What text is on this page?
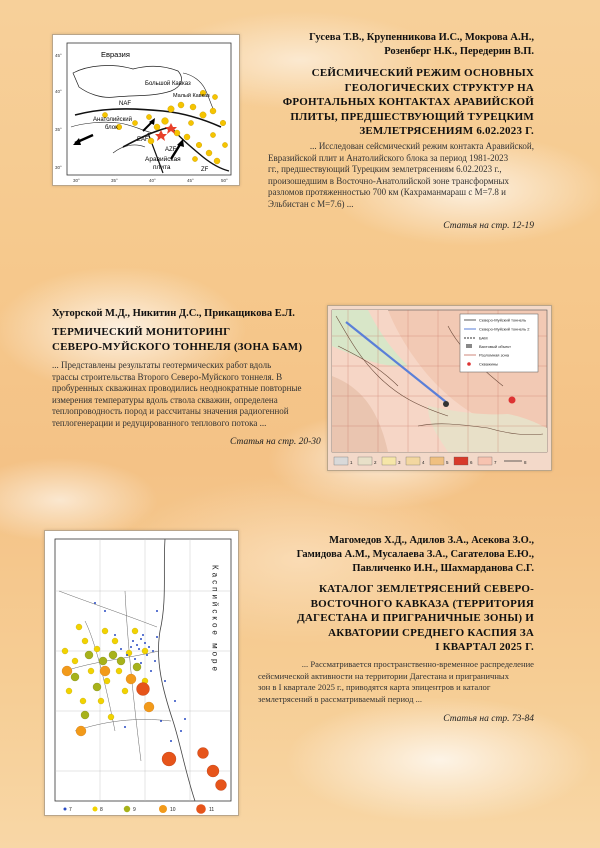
Евразия
Большой Кавказ
Малый Кавказ
NAF
Анатолийский
блок
EAF
AZF
Аравийская
плита	ZF
45°
40°
35°
30°
30°	35°	40°	45°	50°
Гусева Т.В., Крупенникова И.С., Мокрова А.Н.,
Розенберг Н.К., Передерин В.П.
СЕЙСМИЧЕСКИЙ РЕЖИМ ОСНОВНЫХ
ГЕОЛОГИЧЕСКИХ СТРУКТУР НА
ФРОНТАЛЬНЫХ КОНТАКТАХ АРАВИЙСКОЙ
ПЛИТЫ, ПРЕДШЕСТВУЮЩИЙ ТУРЕЦКИМ
ЗЕМЛЕТРЯСЕНИЯМ 6.02.2023 Г.
... Исследован сейсмический режим контакта Аравийской,
Евразийской плит и Анатолийского блока за период 1981-2023
гг., предшествующий Турецким землетрясениям 6.02.2023 г.,
произошедшим в Восточно-Анатолийской зоне трансформных
разломов протяженностью 700 км (Кахраманмараш с M=7.8 и
Эльбистан с M=7.6) ...
Статья на стр. 12-19
Хуторской М.Д., Никитин Д.С., Прикащикова Е.Л.
ТЕРМИЧЕСКИЙ МОНИТОРИНГ
СЕВЕРО-МУЙСКОГО ТОННЕЛЯ (ЗОНА БАМ)
... Представлены результаты геотермических работ вдоль
трассы строительства Второго Северо-Муйского тоннеля. В
пробуренных скважинах проводились неоднократные повторные
измерения температуры вдоль ствола скважин, определена
теплопроводность пород и рассчитаны значения радиогенной
теплогенерации и редуцированного теплового потока ...
Статья на стр. 20-30
Северо-Муйский тоннель
Северо-Муйский тоннель 2
БАМ
Вахтовый объект
Разломная зона
Скважины
1	2	3	4	5	6	7	8
Каспийское море
7	8	9	10	11
Магомедов Х.Д., Адилов З.А., Асекова З.О.,
Гамидова А.М., Мусалаева З.А., Сагателова Е.Ю.,
Павличенко И.Н., Шахмарданова С.Г.
КАТАЛОГ ЗЕМЛЕТРЯСЕНИЙ СЕВЕРО-
ВОСТОЧНОГО КАВКАЗА (ТЕРРИТОРИЯ
ДАГЕСТАНА И ПРИГРАНИЧНЫЕ ЗОНЫ) И
АКВАТОРИИ СРЕДНЕГО КАСПИЯ ЗА
I КВАРТАЛ 2025 Г.
... Рассматривается пространственно-временное распределение
сейсмической активности на территории Дагестана и приграничных
зон в I квартале 2025 г., приводятся карта эпицентров и каталог
землетрясений в рассматриваемый период ...
Статья на стр. 73-84
